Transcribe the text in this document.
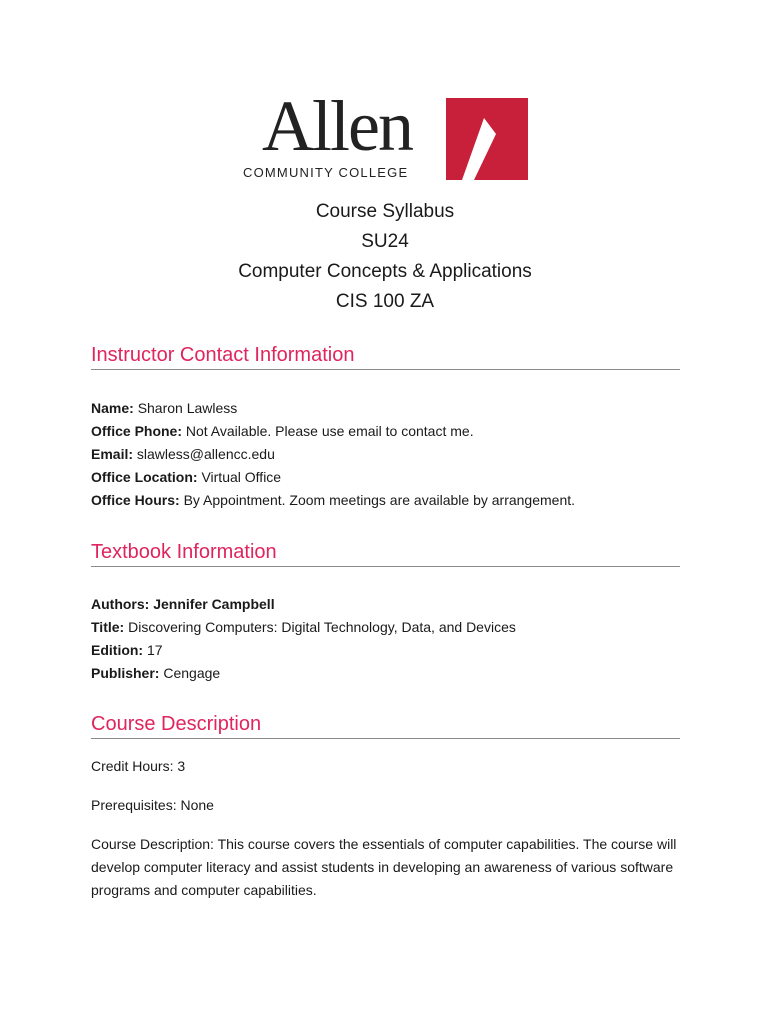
Allen
COMMUNITY COLLEGE
Course Syllabus
SU24
Computer Concepts & Applications
CIS 100 ZA
Instructor Contact Information
Name: Sharon Lawless
Office Phone: Not Available. Please use email to contact me.
Email: slawless@allencc.edu
Office Location: Virtual Office
Office Hours: By Appointment. Zoom meetings are available by arrangement.
Textbook Information
Authors: Jennifer Campbell
Title: Discovering Computers: Digital Technology, Data, and Devices
Edition: 17
Publisher: Cengage
Course Description

Credit Hours: 3

Prerequisites: None

Course Description: This course covers the essentials of computer capabilities. The course will develop computer literacy and assist students in developing an awareness of various software programs and computer capabilities.
